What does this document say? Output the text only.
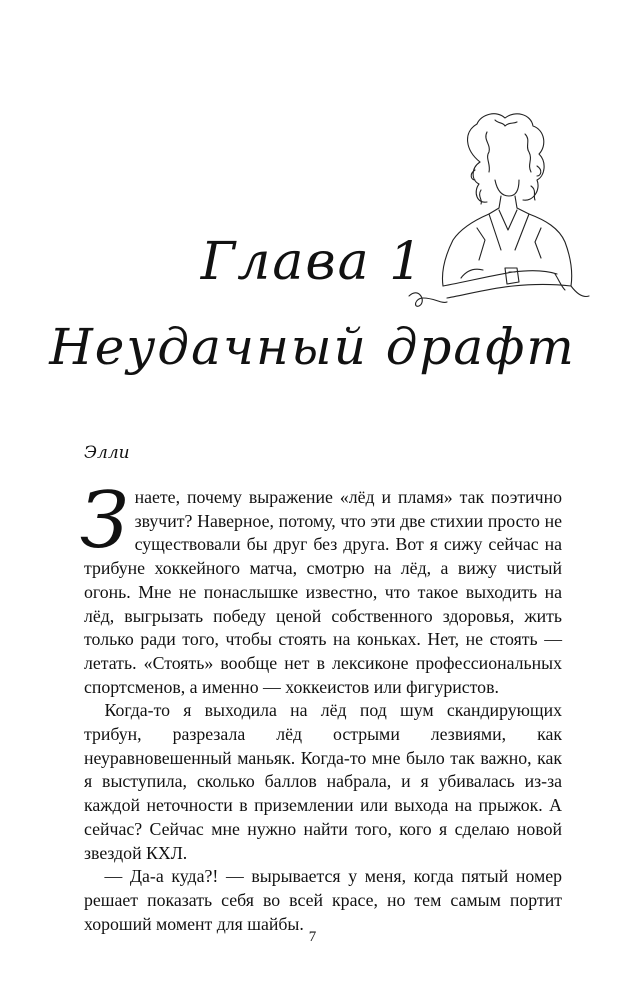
Глава 1
Неудачный драфт
Элли

Знаете, почему выражение «лёд и пламя» так поэтично звучит? Наверное, потому, что эти две стихии просто не существовали бы друг без друга. Вот я сижу сейчас на трибуне хоккейного матча, смотрю на лёд, а вижу чистый огонь. Мне не понаслышке известно, что такое выходить на лёд, выгрызать победу ценой собственного здоровья, жить только ради того, чтобы стоять на коньках. Нет, не стоять — летать. «Стоять» вообще нет в лексиконе профессиональных спортсменов, а именно — хоккеистов или фигуристов.

Когда-то я выходила на лёд под шум скандирующих трибун, разрезала лёд острыми лезвиями, как неуравновешенный маньяк. Когда-то мне было так важно, как я выступила, сколько баллов набрала, и я убивалась из-за каждой неточности в приземлении или выхода на прыжок. А сейчас? Сейчас мне нужно найти того, кого я сделаю новой звездой КХЛ.

— Да-а куда?! — вырывается у меня, когда пятый номер решает показать себя во всей красе, но тем самым портит хороший момент для шайбы.

7
